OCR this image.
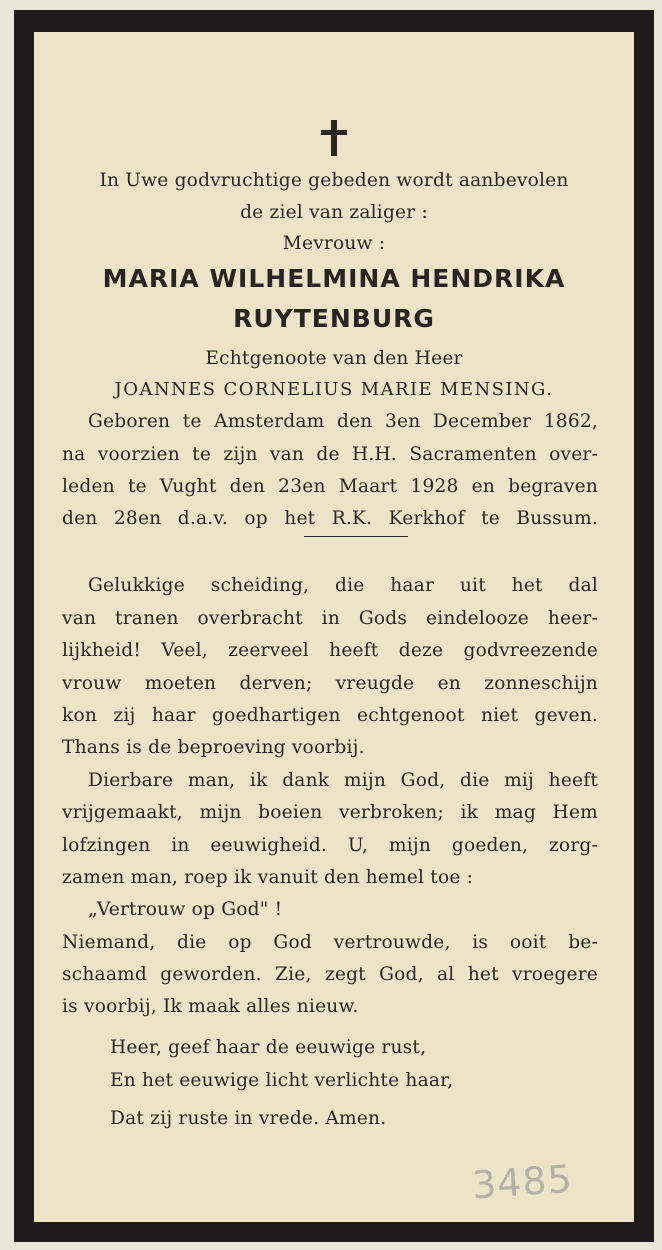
In Uwe godvruchtige gebeden wordt aanbevolen
de ziel van zaliger :
Mevrouw :
MARIA WILHELMINA HENDRIKA
RUYTENBURG
Echtgenoote van den Heer
JOANNES CORNELIUS MARIE MENSING.
Geboren te Amsterdam den 3en December 1862,
na voorzien te zijn van de H.H. Sacramenten over-
leden te Vught den 23en Maart 1928 en begraven
den 28en d.a.v. op het R.K. Kerkhof te Bussum.
Gelukkige scheiding, die haar uit het dal
van tranen overbracht in Gods eindelooze heer-
lijkheid! Veel, zeerveel heeft deze godvreezende
vrouw moeten derven; vreugde en zonneschijn
kon zij haar goedhartigen echtgenoot niet geven.
Thans is de beproeving voorbij.
Dierbare man, ik dank mijn God, die mij heeft
vrijgemaakt, mijn boeien verbroken; ik mag Hem
lofzingen in eeuwigheid. U, mijn goeden, zorg-
zamen man, roep ik vanuit den hemel toe :
„Vertrouw op God" !
Niemand, die op God vertrouwde, is ooit be-
schaamd geworden. Zie, zegt God, al het vroegere
is voorbij, Ik maak alles nieuw.
Heer, geef haar de eeuwige rust,
En het eeuwige licht verlichte haar,
Dat zij ruste in vrede. Amen.
3485
